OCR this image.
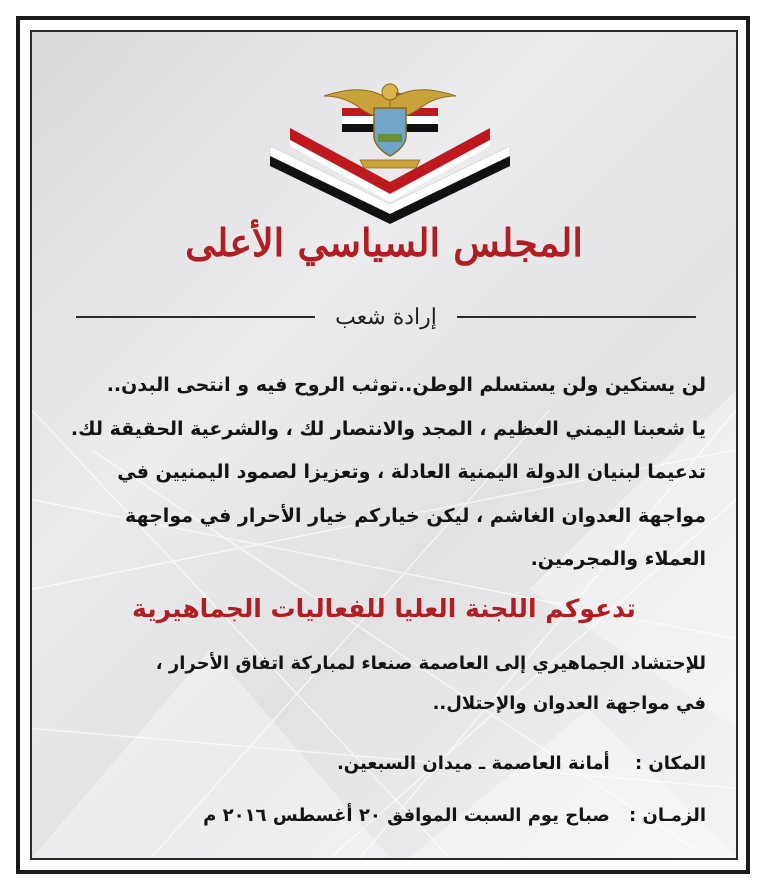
المجلس السياسي الأعلى
إرادة شعب
لن يستكين ولن يستسلم الوطن..توثب الروح فيه و انتحى البدن..
يا شعبنا اليمني العظيم ، المجد والانتصار لك ، والشرعية الحقيقة لك.
تدعيما لبنيان الدولة اليمنية العادلة ، وتعزيزا لصمود اليمنيين في
مواجهة العدوان الغاشم ، ليكن خياركم خيار الأحرار في مواجهة
العملاء والمجرمين.
تدعوكم اللجنة العليا للفعاليات الجماهيرية
للإحتشاد الجماهيري إلى العاصمة صنعاء لمباركة اتفاق الأحرار ،
في مواجهة العدوان والإحتلال..
المكان : أمانة العاصمة ـ ميدان السبعين.
الزمـان : صباح يوم السبت الموافق ٢٠ أغسطس ٢٠١٦ م
